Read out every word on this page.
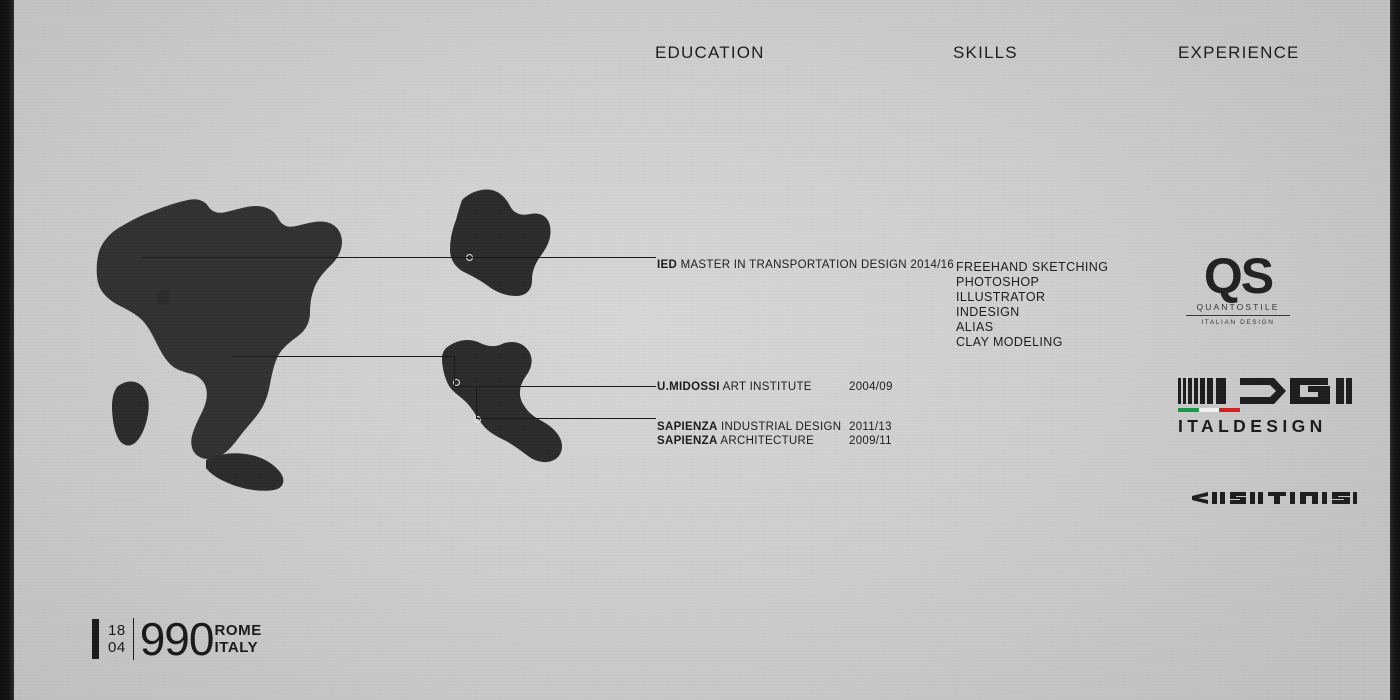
EDUCATION	SKILLS	EXPERIENCE
IED MASTER IN TRANSPORTATION DESIGN 2014/16
U.MIDOSSI ART INSTITUTE	2004/09
SAPIENZA INDUSTRIAL DESIGN 2011/13
SAPIENZA ARCHITECTURE	2009/11
FREEHAND SKETCHING
PHOTOSHOP
ILLUSTRATOR
INDESIGN
ALIAS
CLAY MODELING
QS
QUANTOSTILE
ITALIAN DESIGN
ITALDESIGN
18
04 990 ROME
ITALY
